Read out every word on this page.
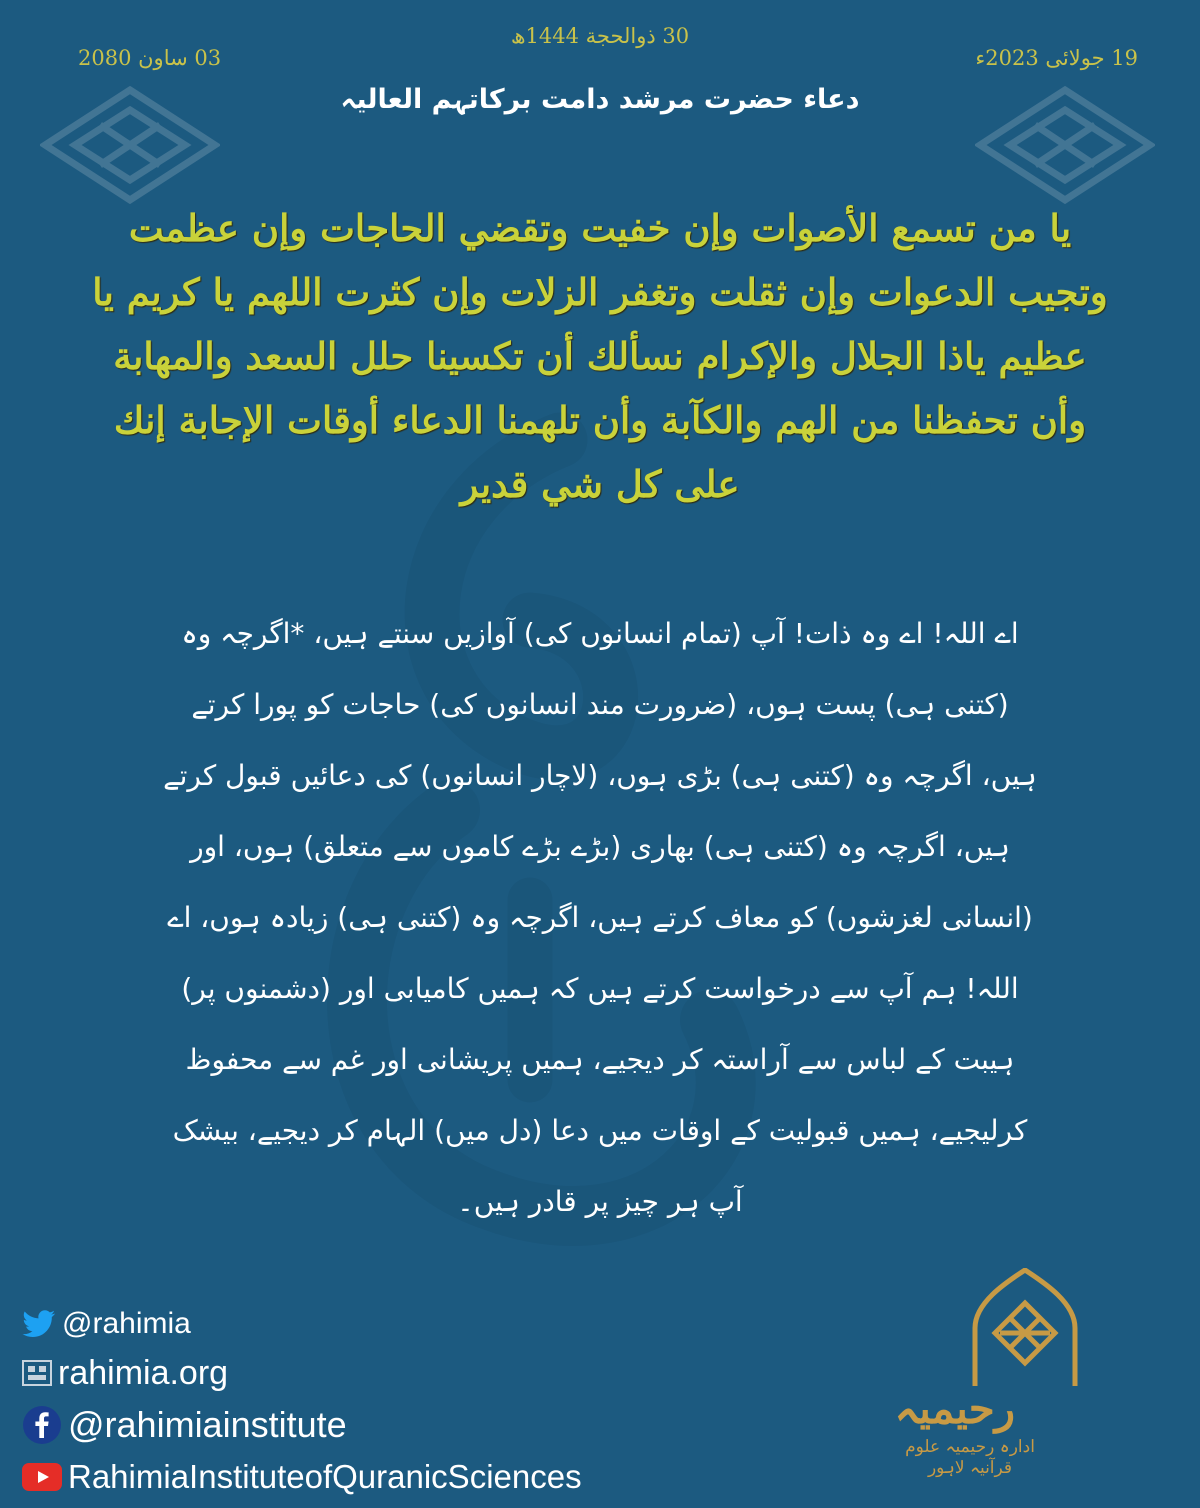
30 ذوالحجة 1444ھ
19 جولائی 2023ء
03 ساون 2080
دعاء حضرت مرشد دامت برکاتہم العالیہ
يا من تسمع الأصوات وإن خفيت وتقضي الحاجات وإن عظمت وتجيب الدعوات وإن ثقلت وتغفر الزلات وإن كثرت اللهم يا كريم يا عظيم ياذا الجلال والإكرام نسألك أن تكسينا حلل السعد والمهابة وأن تحفظنا من الهم والكآبة وأن تلهمنا الدعاء أوقات الإجابة إنك على كل شي قدير
اے اللہ! اے وہ ذات! آپ (تمام انسانوں کی) آوازیں سنتے ہیں، *اگرچہ وہ (کتنی ہی) پست ہوں، (ضرورت مند انسانوں کی) حاجات کو پورا کرتے ہیں، اگرچہ وہ (کتنی ہی) بڑی ہوں، (لاچار انسانوں) کی دعائیں قبول کرتے ہیں، اگرچہ وہ (کتنی ہی) بھاری (بڑے بڑے کاموں سے متعلق) ہوں، اور (انسانی لغزشوں) کو معاف کرتے ہیں، اگرچہ وہ (کتنی ہی) زیادہ ہوں، اے اللہ! ہم آپ سے درخواست کرتے ہیں کہ ہمیں کامیابی اور (دشمنوں پر) ہیبت کے لباس سے آراستہ کر دیجیے، ہمیں پریشانی اور غم سے محفوظ کرلیجیے، ہمیں قبولیت کے اوقات میں دعا (دل میں) الہام کر دیجیے، بیشک آپ ہر چیز پر قادر ہیں۔
@rahimia
rahimia.org
@rahimiainstitute
RahimiaInstituteofQuranicSciences
رحیمیہ
ادارہ رحیمیہ علوم قرآنیہ لاہور
